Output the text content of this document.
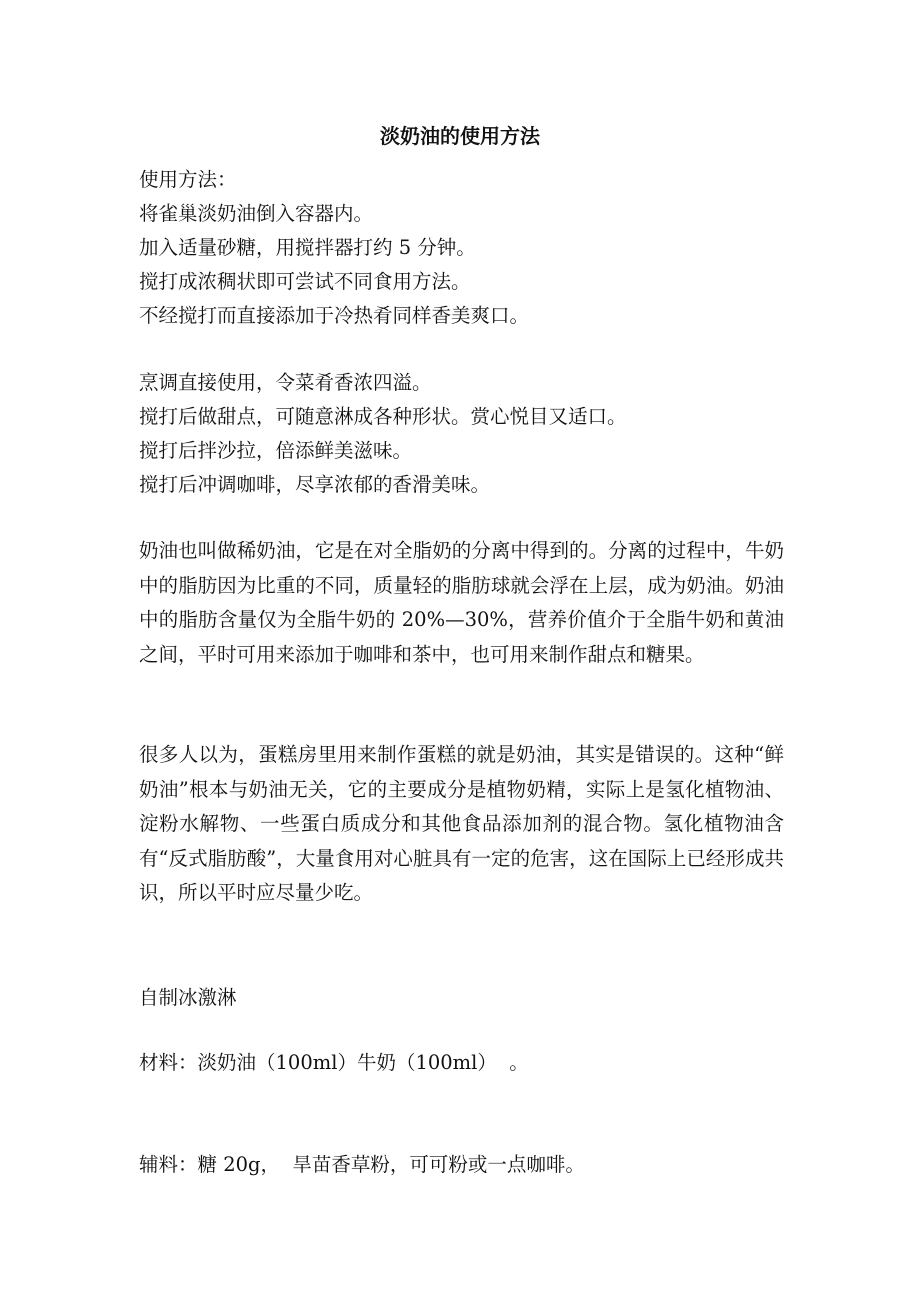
淡奶油的使用方法

使用方法：

将雀巢淡奶油倒入容器内。

加入适量砂糖，用搅拌器打约 5 分钟。

搅打成浓稠状即可尝试不同食用方法。

不经搅打而直接添加于冷热肴同样香美爽口。

烹调直接使用，令菜肴香浓四溢。

搅打后做甜点，可随意淋成各种形状。赏心悦目又适口。

搅打后拌沙拉，倍添鲜美滋味。

搅打后冲调咖啡，尽享浓郁的香滑美味。

奶油也叫做稀奶油，它是在对全脂奶的分离中得到的。分离的过程中，牛奶中的脂肪因为比重的不同，质量轻的脂肪球就会浮在上层，成为奶油。奶油中的脂肪含量仅为全脂牛奶的 20%—30%，营养价值介于全脂牛奶和黄油之间，平时可用来添加于咖啡和茶中，也可用来制作甜点和糖果。

很多人以为，蛋糕房里用来制作蛋糕的就是奶油，其实是错误的。这种“鲜奶油”根本与奶油无关，它的主要成分是植物奶精，实际上是氢化植物油、淀粉水解物、一些蛋白质成分和其他食品添加剂的混合物。氢化植物油含有“反式脂肪酸”，大量食用对心脏具有一定的危害，这在国际上已经形成共识，所以平时应尽量少吃。

自制冰激淋

材料：淡奶油（100ml）牛奶（100ml）  。

辅料：糖 20g，  旱苗香草粉，可可粉或一点咖啡。
